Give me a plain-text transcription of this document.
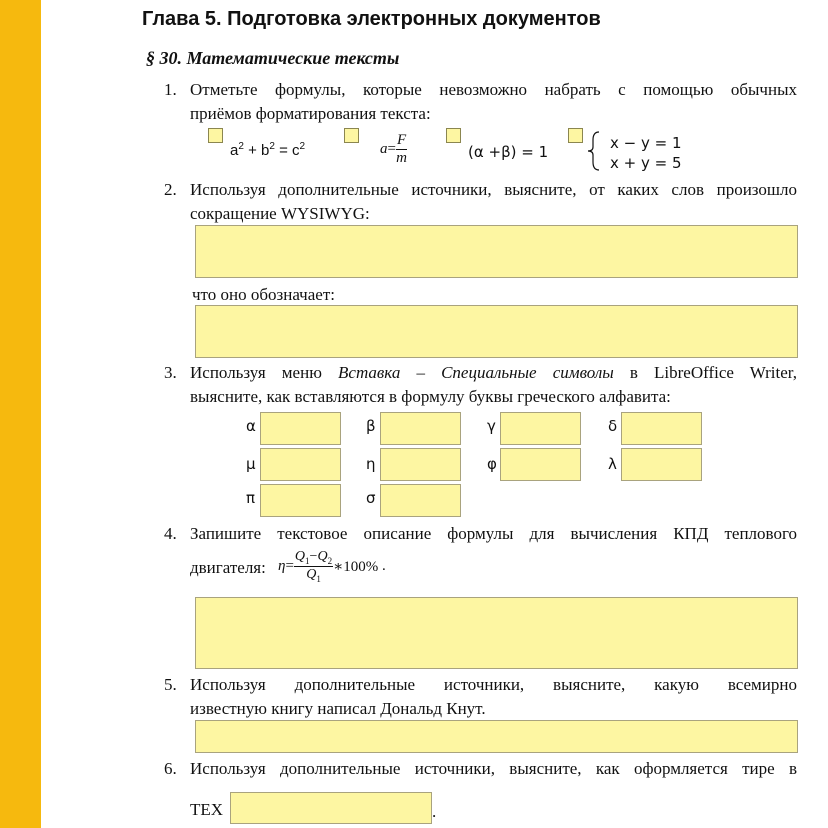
Глава 5. Подготовка электронных документов
§ 30. Математические тексты
1. Отметьте формулы, которые невозможно набрать с помощью обычных
приёмов форматирования текста:
$a^2 + b^2 = c^2$	$a= \frac{F}{m}$	(α +β) = 1	x − y = 1
x + y = 5
2. Используя дополнительные источники, выясните, от каких слов произошло
сокращение WYSIWYG:
что оно обозначает:
3. Используя меню Вставка – Специальные символы в LibreOffice Writer,
выясните, как вставляются в формулу буквы греческого алфавита:
α	β	γ	δ
μ	η	φ	λ
π	σ
4. Запишите текстовое описание формулы для вычисления КПД теплового
двигателя: $\eta = \frac{Q_1-Q_2}{Q_1}$ ∗100%
.
5. Используя дополнительные источники, выясните, какую всемирно
известную книгу написал Дональд Кнут.
6. Используя дополнительные источники, выясните, как оформляется тире в
TEX	.
